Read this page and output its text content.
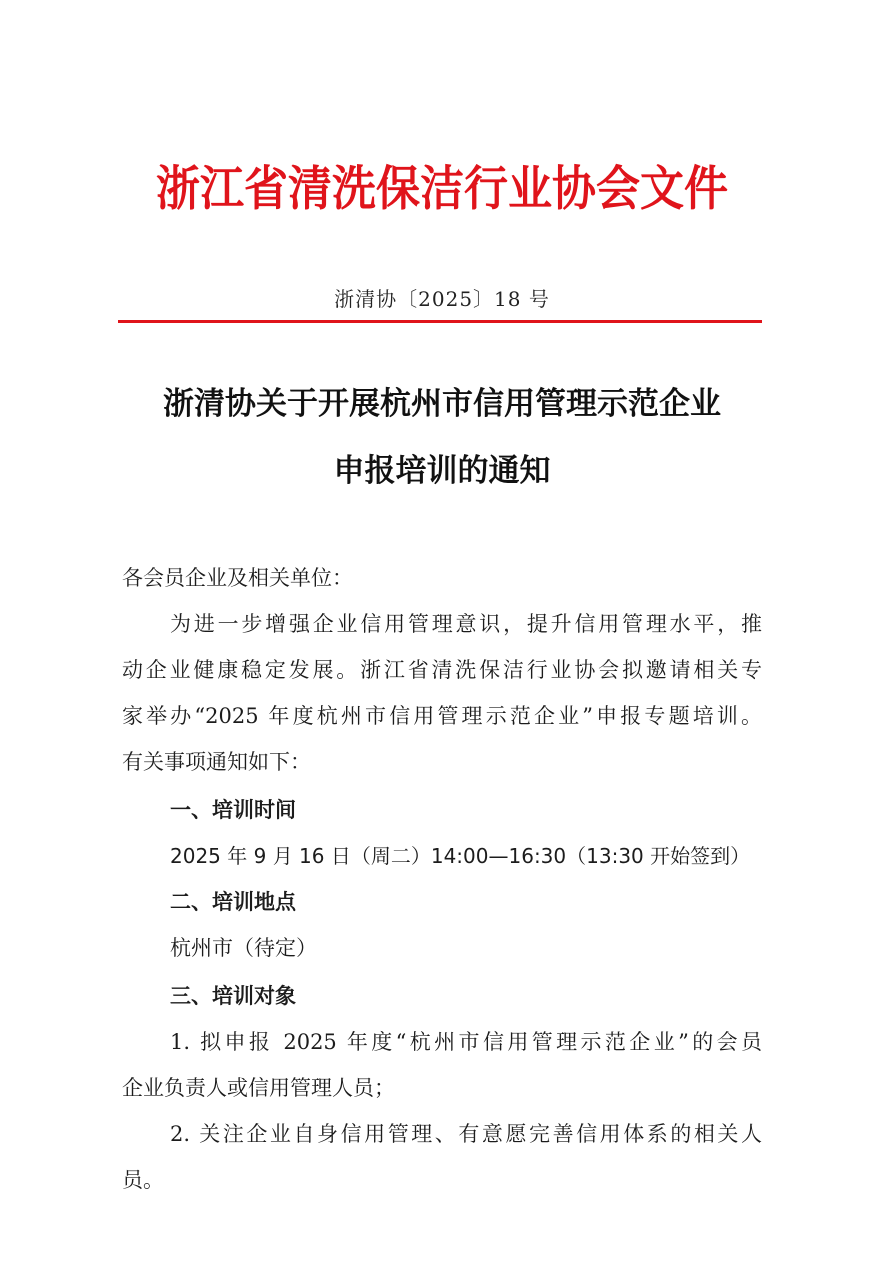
浙江省清洗保洁行业协会文件
浙清协〔2025〕18 号
浙清协关于开展杭州市信用管理示范企业
申报培训的通知
各会员企业及相关单位：
为进一步增强企业信用管理意识，提升信用管理水平，推
动企业健康稳定发展。浙江省清洗保洁行业协会拟邀请相关专
家举办“2025 年度杭州市信用管理示范企业”申报专题培训。
有关事项通知如下：
一、培训时间
2025 年 9 月 16 日（周二）14:00—16:30（13:30 开始签到）
二、培训地点
杭州市（待定）
三、培训对象
1. 拟申报 2025 年度“杭州市信用管理示范企业”的会员
企业负责人或信用管理人员；
2. 关注企业自身信用管理、有意愿完善信用体系的相关人
员。
